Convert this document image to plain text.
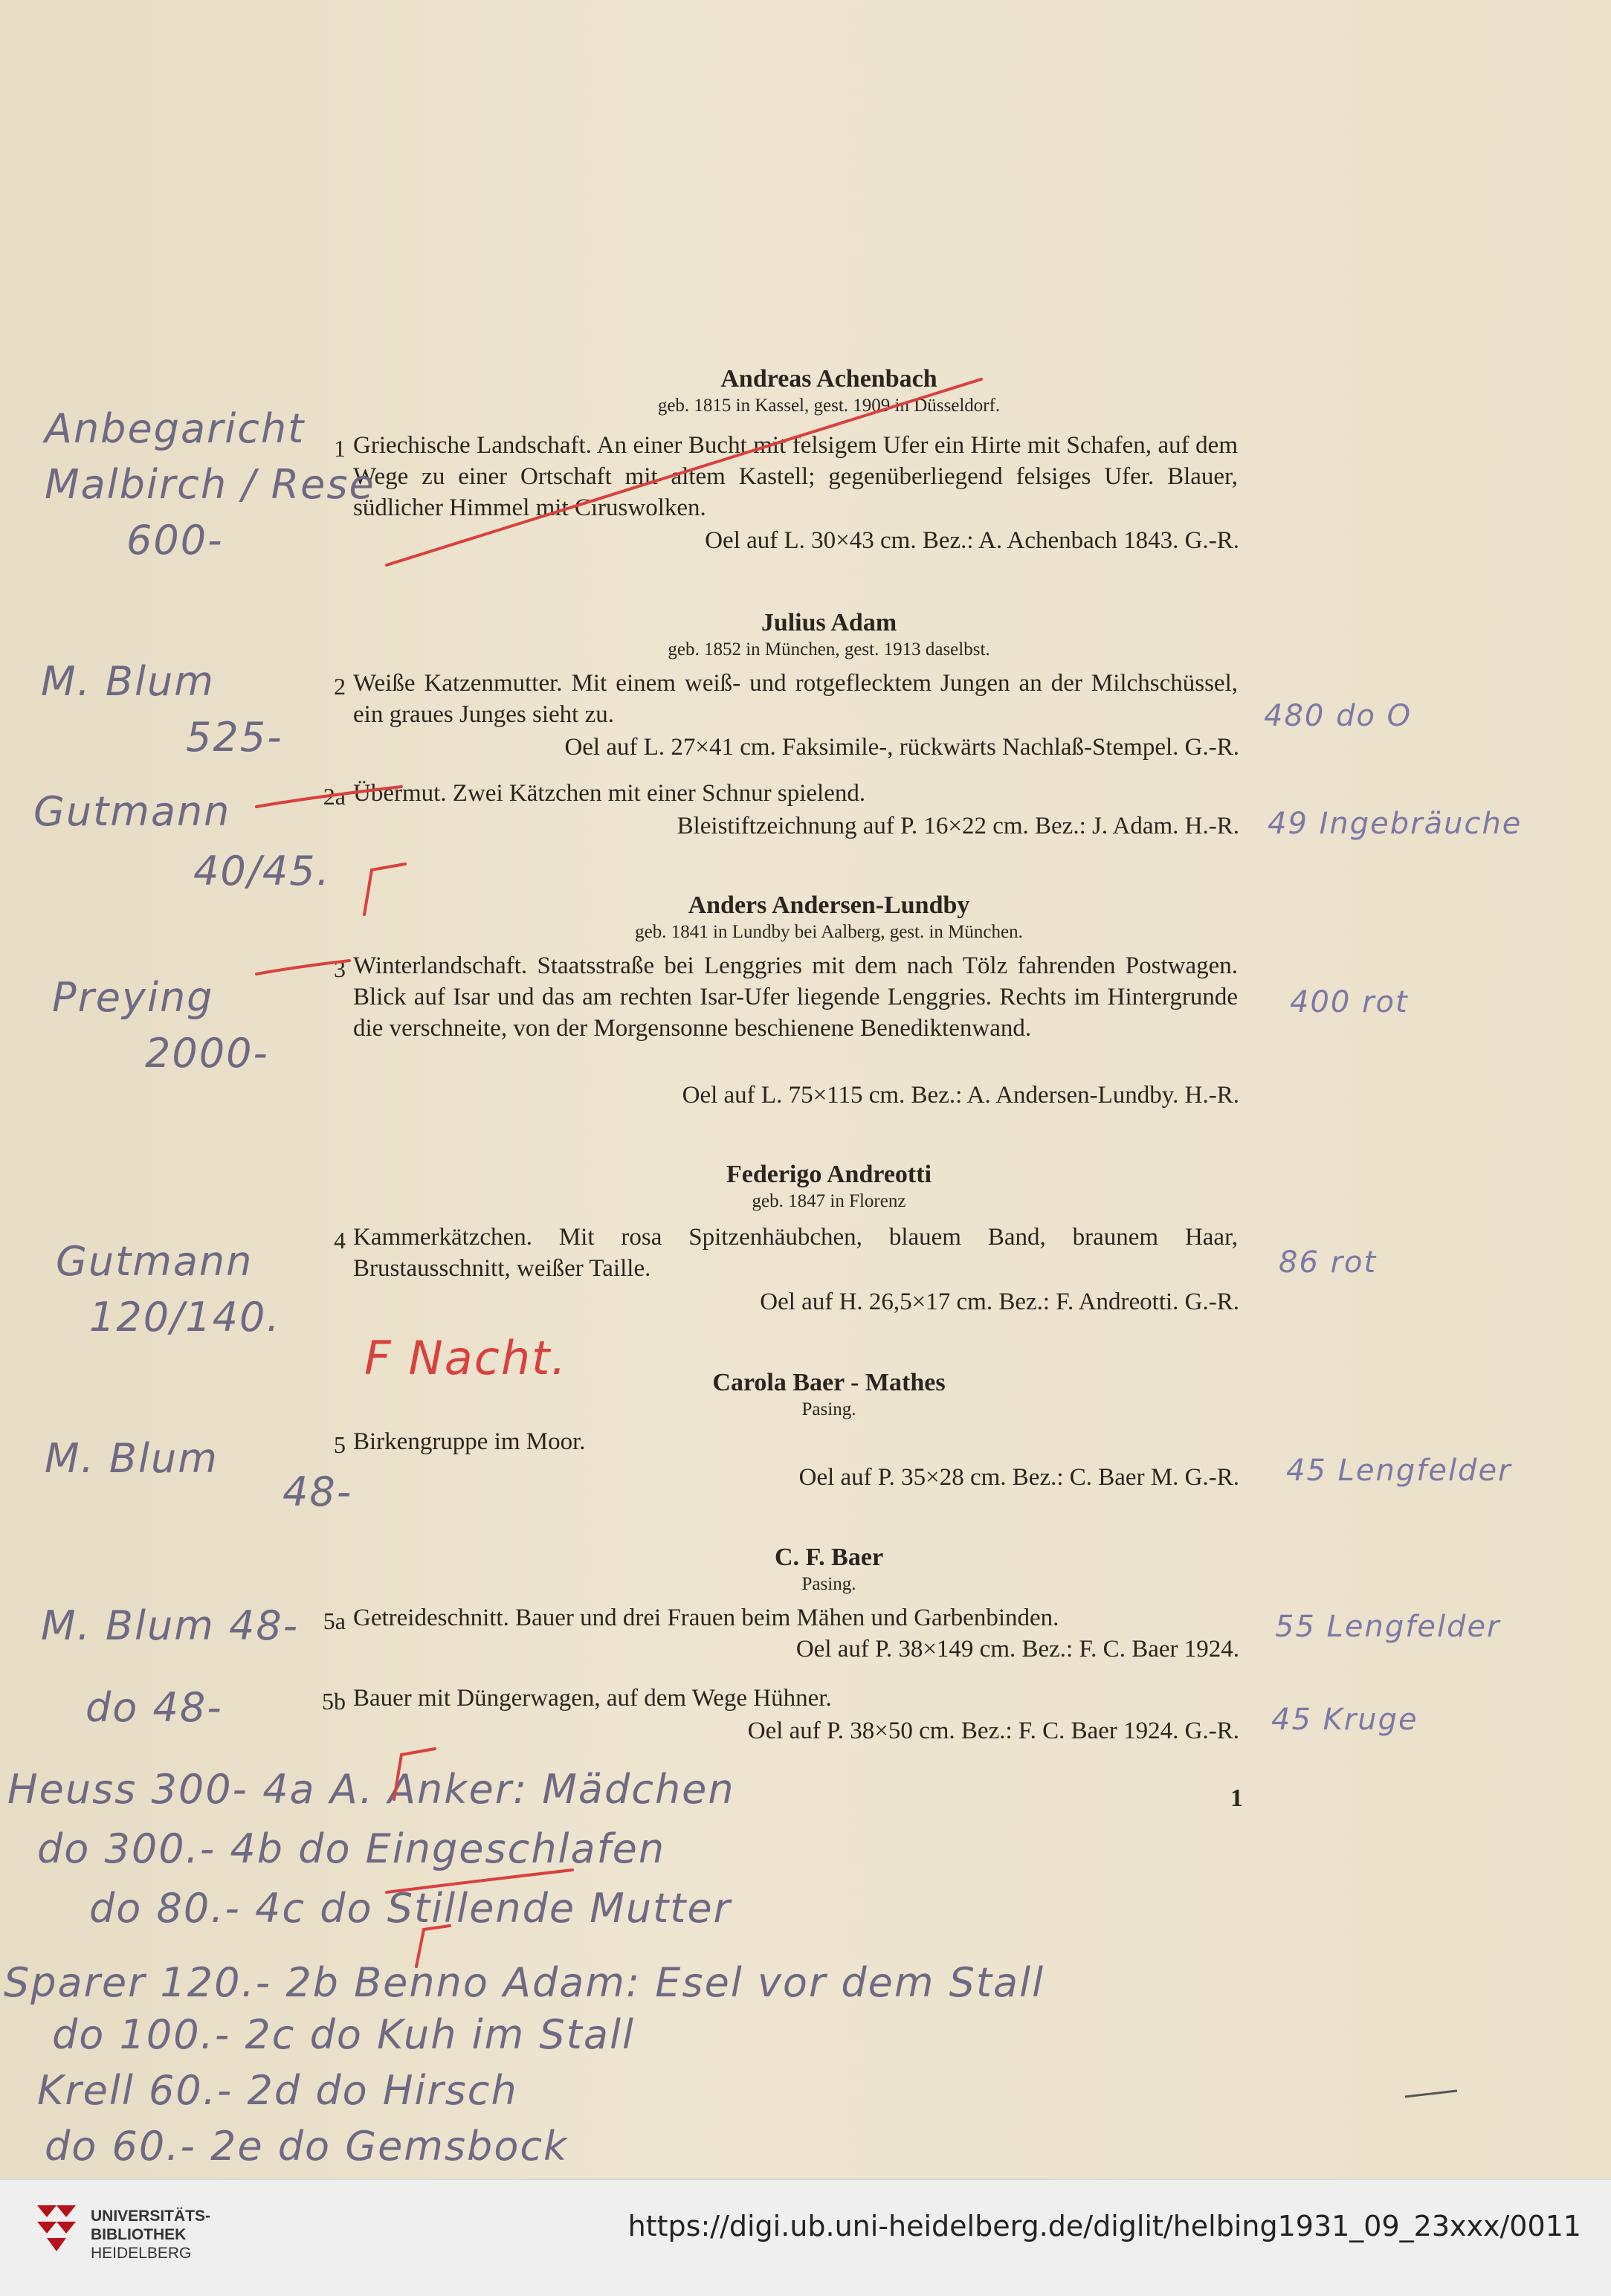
Andreas Achenbach
geb. 1815 in Kassel, gest. 1909 in Düsseldorf.
1 Griechische Landschaft. An einer Bucht mit felsigem Ufer ein Hirte mit Schafen, auf dem Wege zu einer Ortschaft mit altem Kastell; gegenüberliegend felsiges Ufer. Blauer, südlicher Himmel mit Ciruswolken.
Oel auf L. 30×43 cm. Bez.: A. Achenbach 1843. G.-R.
Julius Adam
geb. 1852 in München, gest. 1913 daselbst.
2 Weiße Katzenmutter. Mit einem weiß- und rotgeflecktem Jungen an der Milchschüssel, ein graues Junges sieht zu.
Oel auf L. 27×41 cm. Faksimile-, rückwärts Nachlaß-Stempel. G.-R.
2a Übermut. Zwei Kätzchen mit einer Schnur spielend.
Bleistiftzeichnung auf P. 16×22 cm. Bez.: J. Adam. H.-R.
Anders Andersen-Lundby
geb. 1841 in Lundby bei Aalberg, gest. in München.
3 Winterlandschaft. Staatsstraße bei Lenggries mit dem nach Tölz fahrenden Postwagen. Blick auf Isar und das am rechten Isar-Ufer liegende Lenggries. Rechts im Hintergrunde die verschneite, von der Morgensonne beschienene Benediktenwand.
Oel auf L. 75×115 cm. Bez.: A. Andersen-Lundby. H.-R.
Federigo Andreotti
geb. 1847 in Florenz
4 Kammerkätzchen. Mit rosa Spitzenhäubchen, blauem Band, braunem Haar, Brustausschnitt, weißer Taille.
Oel auf H. 26,5×17 cm. Bez.: F. Andreotti. G.-R.
Carola Baer - Mathes
Pasing.
5 Birkengruppe im Moor.
Oel auf P. 35×28 cm. Bez.: C. Baer M. G.-R.
C. F. Baer
Pasing.
5a Getreideschnitt. Bauer und drei Frauen beim Mähen und Garbenbinden.
Oel auf P. 38×149 cm. Bez.: F. C. Baer 1924.
5b Bauer mit Düngerwagen, auf dem Wege Hühner.
Oel auf P. 38×50 cm. Bez.: F. C. Baer 1924. G.-R.
1
Anbegaricht
Malbirch / Rese
600-
M. Blum
525-
Gutmann
40/45.
Preying
2000-
Gutmann
120/140.
M. Blum
48-
M. Blum 48-
do 48-
480 do O
49 Ingebräuche
400 rot
86 rot
45 Lengfelder
55 Lengfelder
45 Kruge
F Nacht.
Heuss 300- 4a A. Anker: Mädchen
do 300.- 4b do Eingeschlafen
do 80.- 4c do Stillende Mutter
Sparer 120.- 2b Benno Adam: Esel vor dem Stall
do 100.- 2c do Kuh im Stall
Krell 60.- 2d do Hirsch
do 60.- 2e do Gemsbock
UNIVERSITÄTS-
BIBLIOTHEK
HEIDELBERG
https://digi.ub.uni-heidelberg.de/diglit/helbing1931_09_23xxx/0011
